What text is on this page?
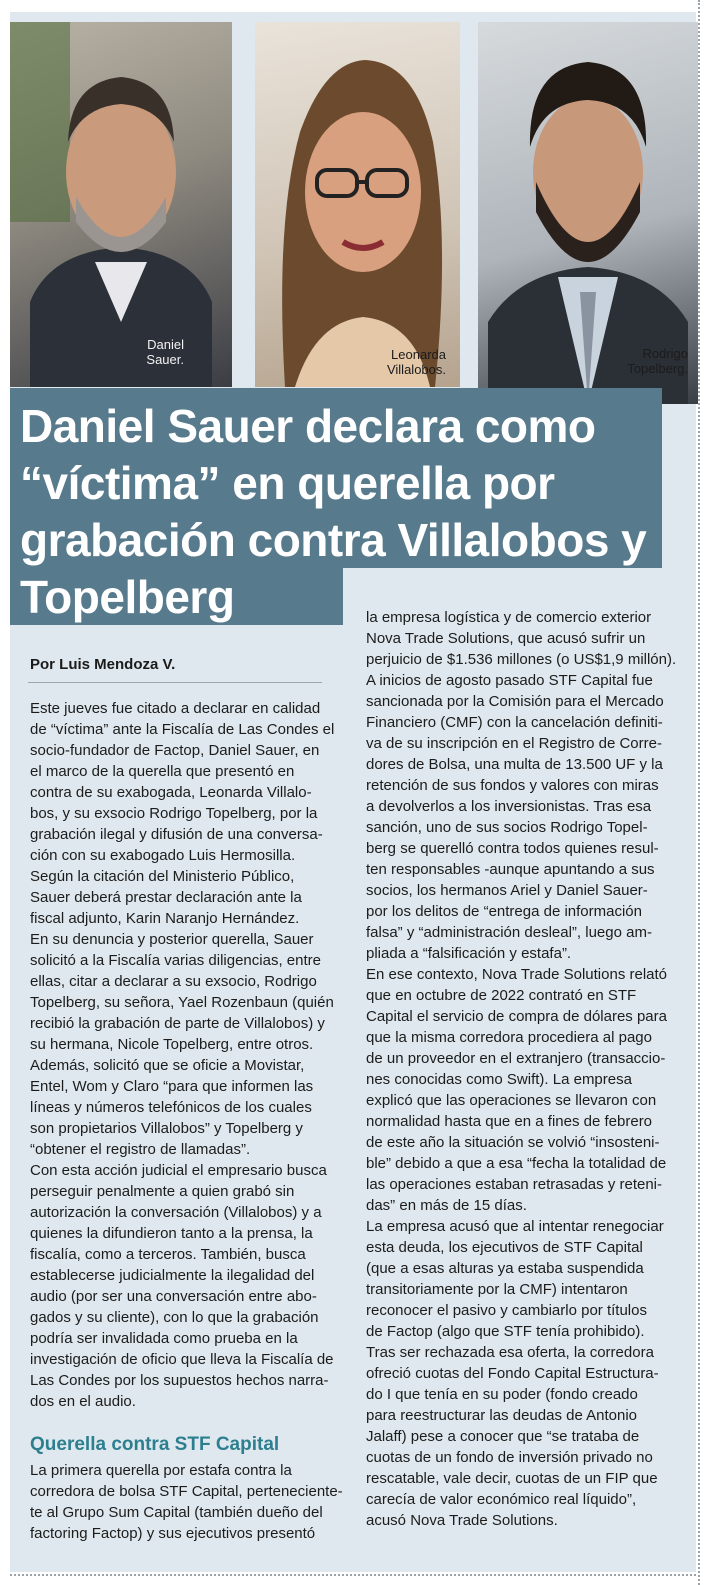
Daniel
Sauer.	Leonarda
Villalobos.
Rodrigo
Topelberg.
Daniel Sauer declara como “víctima” en querella por grabación contra Villalobos y Topelberg
Por Luis Mendoza V.

Este jueves fue citado a declarar en calidad
de “víctima” ante la Fiscalía de Las Condes el
socio-fundador de Factop, Daniel Sauer, en
el marco de la querella que presentó en
contra de su exabogada, Leonarda Villalo-
bos, y su exsocio Rodrigo Topelberg, por la
grabación ilegal y difusión de una conversa-
ción con su exabogado Luis Hermosilla.
Según la citación del Ministerio Público,
Sauer deberá prestar declaración ante la
fiscal adjunto, Karin Naranjo Hernández.
En su denuncia y posterior querella, Sauer
solicitó a la Fiscalía varias diligencias, entre
ellas, citar a declarar a su exsocio, Rodrigo
Topelberg, su señora, Yael Rozenbaun (quién
recibió la grabación de parte de Villalobos) y
su hermana, Nicole Topelberg, entre otros.
Además, solicitó que se oficie a Movistar,
Entel, Wom y Claro “para que informen las
líneas y números telefónicos de los cuales
son propietarios Villalobos” y Topelberg y
“obtener el registro de llamadas”.
Con esta acción judicial el empresario busca
perseguir penalmente a quien grabó sin
autorización la conversación (Villalobos) y a
quienes la difundieron tanto a la prensa, la
fiscalía, como a terceros. También, busca
establecerse judicialmente la ilegalidad del
audio (por ser una conversación entre abo-
gados y su cliente), con lo que la grabación
podría ser invalidada como prueba en la
investigación de oficio que lleva la Fiscalía de
Las Condes por los supuestos hechos narra-
dos en el audio.

Querella contra STF Capital

La primera querella por estafa contra la
corredora de bolsa STF Capital, perteneciente-
te al Grupo Sum Capital (también dueño del
factoring Factop) y sus ejecutivos presentó

la empresa logística y de comercio exterior
Nova Trade Solutions, que acusó sufrir un
perjuicio de $1.536 millones (o US$1,9 millón).
A inicios de agosto pasado STF Capital fue
sancionada por la Comisión para el Mercado
Financiero (CMF) con la cancelación definiti-
va de su inscripción en el Registro de Corre-
dores de Bolsa, una multa de 13.500 UF y la
retención de sus fondos y valores con miras
a devolverlos a los inversionistas. Tras esa
sanción, uno de sus socios Rodrigo Topel-
berg se querelló contra todos quienes resul-
ten responsables -aunque apuntando a sus
socios, los hermanos Ariel y Daniel Sauer-
por los delitos de “entrega de información
falsa” y “administración desleal”, luego am-
pliada a “falsificación y estafa”.
En ese contexto, Nova Trade Solutions relató
que en octubre de 2022 contrató en STF
Capital el servicio de compra de dólares para
que la misma corredora procediera al pago
de un proveedor en el extranjero (transaccio-
nes conocidas como Swift). La empresa
explicó que las operaciones se llevaron con
normalidad hasta que en a fines de febrero
de este año la situación se volvió “insosteni-
ble” debido a que a esa “fecha la totalidad de
las operaciones estaban retrasadas y reteni-
das” en más de 15 días.
La empresa acusó que al intentar renegociar
esta deuda, los ejecutivos de STF Capital
(que a esas alturas ya estaba suspendida
transitoriamente por la CMF) intentaron
reconocer el pasivo y cambiarlo por títulos
de Factop (algo que STF tenía prohibido).
Tras ser rechazada esa oferta, la corredora
ofreció cuotas del Fondo Capital Estructura-
do I que tenía en su poder (fondo creado
para reestructurar las deudas de Antonio
Jalaff) pese a conocer que “se trataba de
cuotas de un fondo de inversión privado no
rescatable, vale decir, cuotas de un FIP que
carecía de valor económico real líquido”,
acusó Nova Trade Solutions.
